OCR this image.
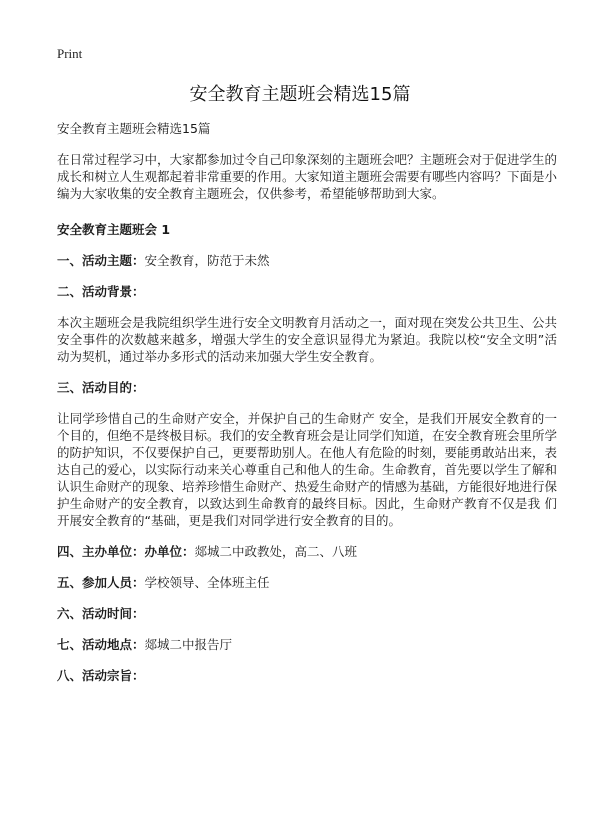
Print
安全教育主题班会精选15篇

安全教育主题班会精选15篇

在日常过程学习中，大家都参加过令自己印象深刻的主题班会吧？主题班会对于促进学生的成长和树立人生观都起着非常重要的作用。大家知道主题班会需要有哪些内容吗？下面是小编为大家收集的安全教育主题班会，仅供参考，希望能够帮助到大家。

安全教育主题班会 1

一、活动主题：安全教育，防范于未然

二、活动背景：

本次主题班会是我院组织学生进行安全文明教育月活动之一，面对现在突发公共卫生、公共安全事件的次数越来越多，增强大学生的安全意识显得尤为紧迫。我院以校“安全文明”活动为契机，通过举办多形式的活动来加强大学生安全教育。

三、活动目的：

让同学珍惜自己的生命财产安全，并保护自己的生命财产 安全，是我们开展安全教育的一个目的，但绝不是终极目标。我们的安全教育班会是让同学们知道，在安全教育班会里所学的防护知识，不仅要保护自己，更要帮助别人。在他人有危险的时刻，要能勇敢站出来，表达自己的爱心，以实际行动来关心尊重自己和他人的生命。生命教育，首先要以学生了解和认识生命财产的现象、培养珍惜生命财产、热爱生命财产的情感为基础，方能很好地进行保护生命财产的安全教育，以致达到生命教育的最终目标。因此，生命财产教育不仅是我 们开展安全教育的“基础，更是我们对同学进行安全教育的目的。

四、主办单位：办单位：郯城二中政教处，高二、八班

五、参加人员：学校领导、全体班主任

六、活动时间：

七、活动地点：郯城二中报告厅

八、活动宗旨：
